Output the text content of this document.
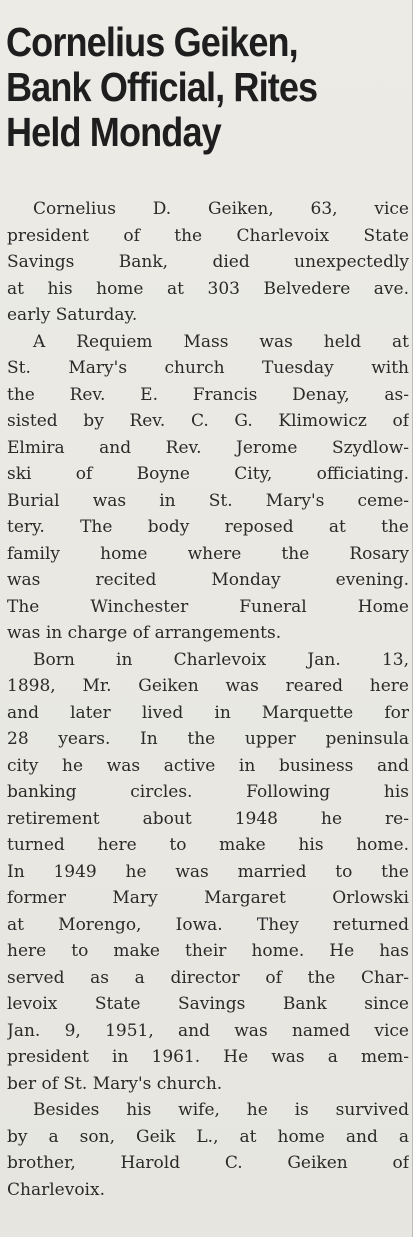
Cornelius Geiken,
Bank Official, Rites
Held Monday

Cornelius D. Geiken, 63, vice
president of the Charlevoix State
Savings Bank, died unexpectedly
at his home at 303 Belvedere ave.
early Saturday.

A Requiem Mass was held at
St. Mary's church Tuesday with
the Rev. E. Francis Denay, as-
sisted by Rev. C. G. Klimowicz of
Elmira and Rev. Jerome Szydlow-
ski of Boyne City, officiating.
Burial was in St. Mary's ceme-
tery. The body reposed at the
family home where the Rosary
was recited Monday evening.
The Winchester Funeral Home
was in charge of arrangements.

Born in Charlevoix Jan. 13,
1898, Mr. Geiken was reared here
and later lived in Marquette for
28 years. In the upper peninsula
city he was active in business and
banking circles. Following his
retirement about 1948 he re-
turned here to make his home.
In 1949 he was married to the
former Mary Margaret Orlowski
at Morengo, Iowa. They returned
here to make their home. He has
served as a director of the Char-
levoix State Savings Bank since
Jan. 9, 1951, and was named vice
president in 1961. He was a mem-
ber of St. Mary's church.

Besides his wife, he is survived
by a son, Geik L., at home and a
brother, Harold C. Geiken of
Charlevoix.
